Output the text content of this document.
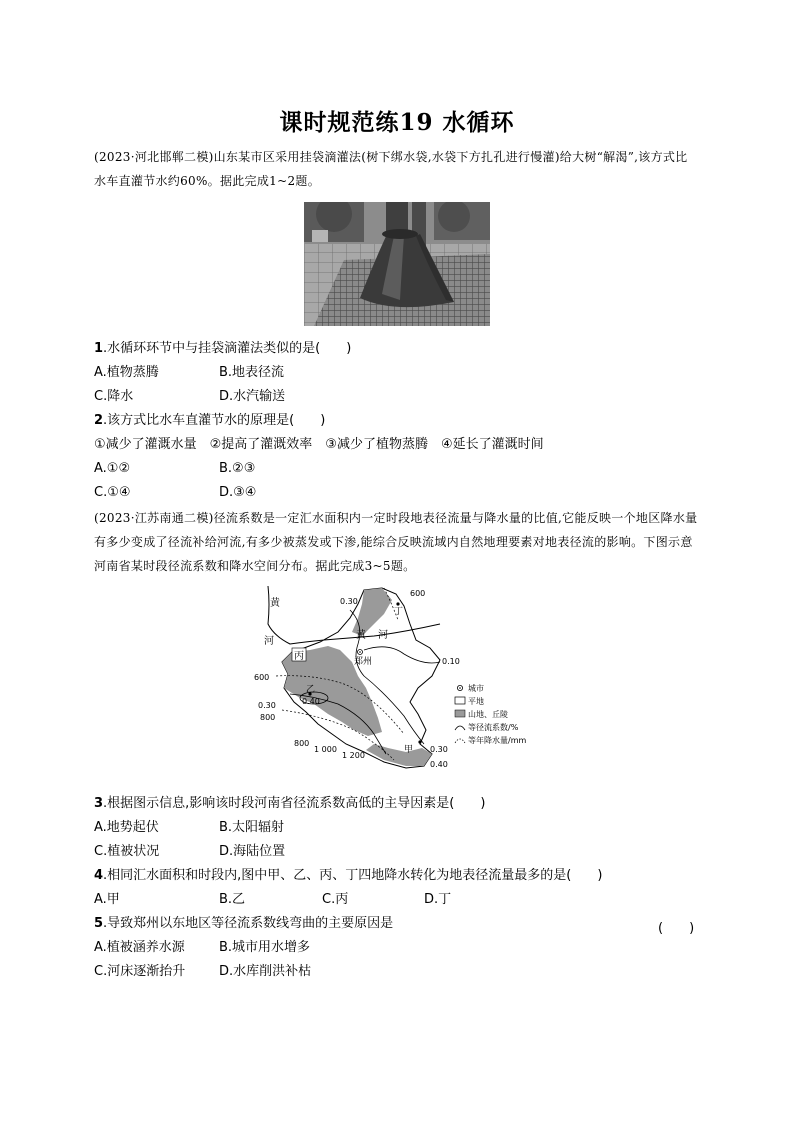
课时规范练19 水循环
(2023·河北邯郸二模)山东某市区采用挂袋滴灌法(树下绑水袋,水袋下方扎孔进行慢灌)给大树“解渴”,该方式比水车直灌节水约60%。据此完成1~2题。
1.水循环环节中与挂袋滴灌法类似的是(　　)
A.植物蒸腾	B.地表径流
C.降水	D.水汽输送
2.该方式比水车直灌节水的原理是(　　)
①减少了灌溉水量　②提高了灌溉效率　③减少了植物蒸腾　④延长了灌溉时间
A.①②	B.②③
C.①④	D.③④
(2023·江苏南通二模)径流系数是一定汇水面积内一定时段地表径流量与降水量的比值,它能反映一个地区降水量有多少变成了径流补给河流,有多少被蒸发或下渗,能综合反映流域内自然地理要素对地表径流的影响。下图示意河南省某时段径流系数和降水空间分布。据此完成3~5题。
黄
河
黄 河
郑州
丙
乙
甲
丁
600
0.30
0.10
600
0.30
800
0.40
800
1 000
1 200
0.30
0.40
城市
平地
山地、丘陵
等径流系数/%
等年降水量/mm
3.根据图示信息,影响该时段河南省径流系数高低的主导因素是(　　)
A.地势起伏	B.太阳辐射
C.植被状况	D.海陆位置
4.相同汇水面积和时段内,图中甲、乙、丙、丁四地降水转化为地表径流量最多的是(　　)
A.甲	B.乙	C.丙	D.丁
5.导致郑州以东地区等径流系数线弯曲的主要原因是	(　　)
A.植被涵养水源	B.城市用水增多
C.河床逐渐抬升	D.水库削洪补枯
